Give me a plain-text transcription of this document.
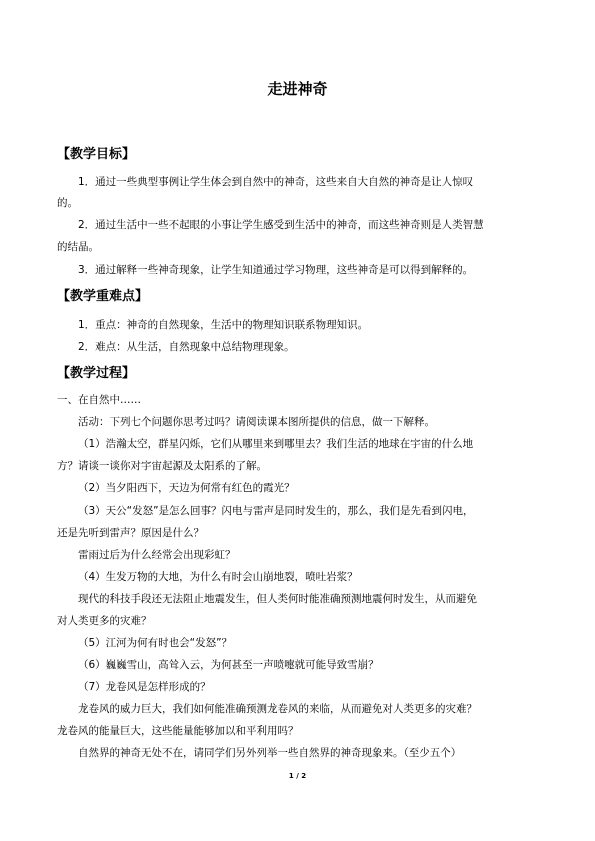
走进神奇
【教学目标】
1．通过一些典型事例让学生体会到自然中的神奇，这些来自大自然的神奇是让人惊叹
的。
2．通过生活中一些不起眼的小事让学生感受到生活中的神奇，而这些神奇则是人类智慧
的结晶。
3．通过解释一些神奇现象，让学生知道通过学习物理，这些神奇是可以得到解释的。
【教学重难点】
1．重点：神奇的自然现象，生活中的物理知识联系物理知识。
2．难点：从生活，自然现象中总结物理现象。
【教学过程】
一、在自然中……
活动：下列七个问题你思考过吗？请阅读课本图所提供的信息，做一下解释。
（1）浩瀚太空，群星闪烁，它们从哪里来到哪里去？我们生活的地球在宇宙的什么地
方？请谈一谈你对宇宙起源及太阳系的了解。
（2）当夕阳西下，天边为何常有红色的霞光？
（3）天公“发怒”是怎么回事？闪电与雷声是同时发生的，那么，我们是先看到闪电，
还是先听到雷声？原因是什么？
雷雨过后为什么经常会出现彩虹？
（4）生发万物的大地，为什么有时会山崩地裂，喷吐岩浆？
现代的科技手段还无法阻止地震发生，但人类何时能准确预测地震何时发生，从而避免
对人类更多的灾难？
（5）江河为何有时也会“发怒”？
（6）巍巍雪山，高耸入云，为何甚至一声喷嚏就可能导致雪崩？
（7）龙卷风是怎样形成的？
龙卷风的威力巨大，我们如何能准确预测龙卷风的来临，从而避免对人类更多的灾难？
龙卷风的能量巨大，这些能量能够加以和平利用吗？
自然界的神奇无处不在，请同学们另外列举一些自然界的神奇现象来。（至少五个）
1 / 2
